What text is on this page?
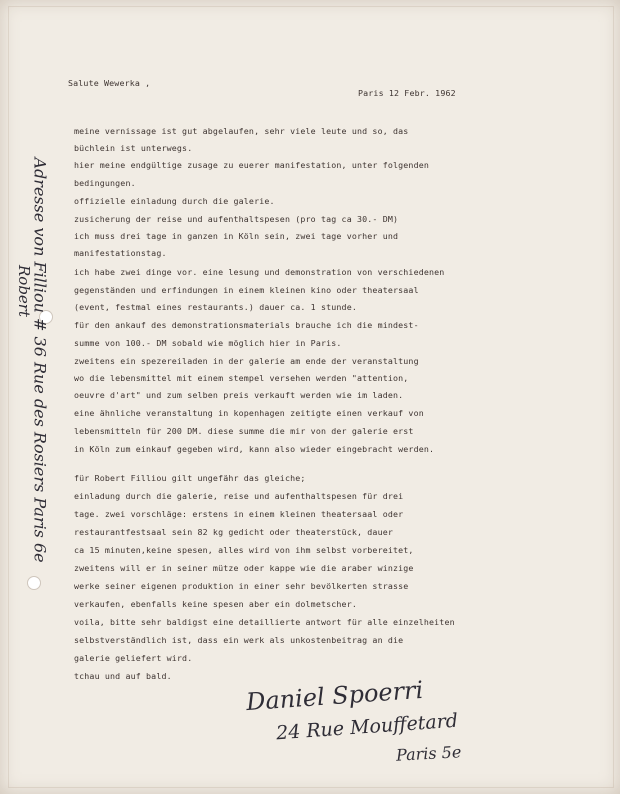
Salute Wewerka ,

Paris 12 Febr. 1962

meine vernissage ist gut abgelaufen, sehr viele leute und so, das

büchlein ist unterwegs.

hier meine endgültige zusage zu euerer manifestation, unter folgenden

bedingungen.

offizielle einladung durch die galerie.

zusicherung der reise und aufenthaltspesen (pro tag ca 30.- DM)

ich muss drei tage in ganzen in Köln sein, zwei tage vorher und

manifestationstag.

ich habe zwei dinge vor. eine lesung und demonstration von verschiedenen

gegenständen und erfindungen in einem kleinen kino oder theatersaal

(event, festmal eines restaurants.) dauer ca. 1 stunde.

für den ankauf des demonstrationsmaterials brauche ich die mindest-

summe von 100.- DM sobald wie möglich hier in Paris.

zweitens ein spezereiladen in der galerie am ende der veranstaltung

wo die lebensmittel mit einem stempel versehen werden "attention,

oeuvre d'art" und zum selben preis verkauft werden wie im laden.

eine ähnliche veranstaltung in kopenhagen zeitigte einen verkauf von

lebensmitteln für 200 DM. diese summe die mir von der galerie erst

in Köln zum einkauf gegeben wird, kann also wieder eingebracht werden.

für Robert Filliou gilt ungefähr das gleiche;

einladung durch die galerie, reise und aufenthaltspesen für drei

tage. zwei vorschläge: erstens in einem kleinen theatersaal oder

restaurantfestsaal sein 82 kg gedicht oder theaterstück, dauer

ca 15 minuten,keine spesen, alles wird von ihm selbst vorbereitet,

zweitens will er in seiner mütze oder kappe wie die araber winzige

werke seiner eigenen produktion in einer sehr bevölkerten strasse

verkaufen, ebenfalls keine spesen aber ein dolmetscher.

voila, bitte sehr baldigst eine detaillierte antwort für alle einzelheiten

selbstverständlich ist, dass ein werk als unkostenbeitrag an die

galerie geliefert wird.

tchau und auf bald.

Adresse von Filliou # 36 Rue des Rosiers Paris 6e
Robert
Daniel Spoerri
24 Rue Mouffetard
Paris 5e
